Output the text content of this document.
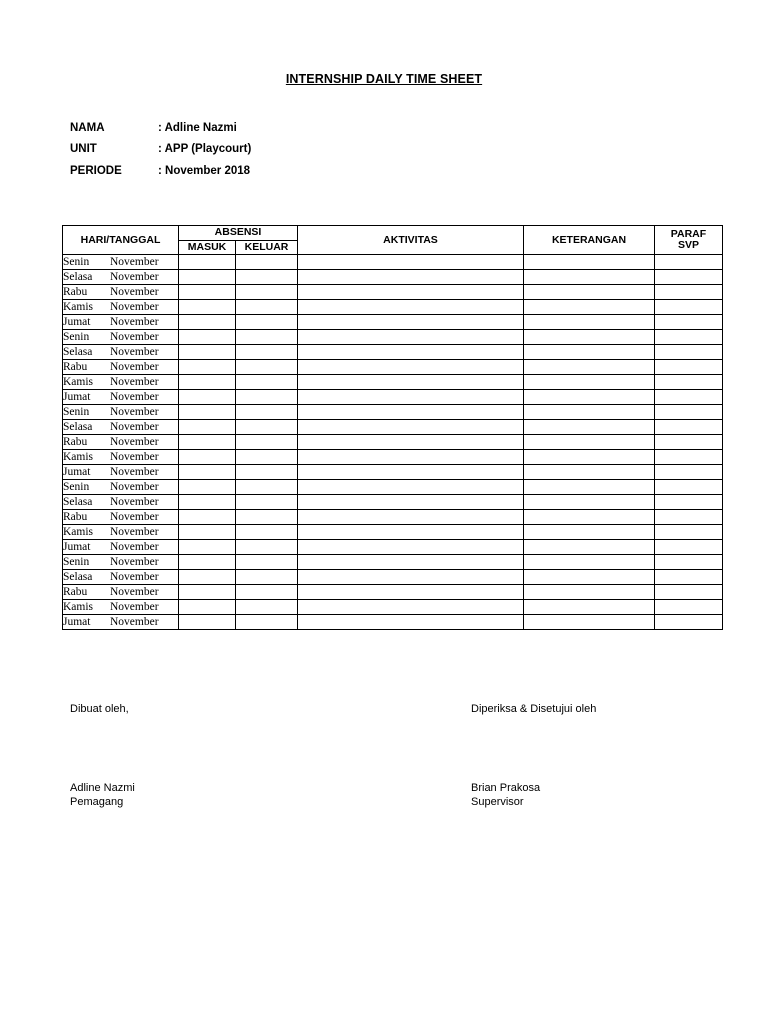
INTERNSHIP DAILY TIME SHEET
NAMA	: Adline Nazmi
UNIT	: APP (Playcourt)
PERIODE	: November 2018
HARI/TANGGAL	ABSENSI		AKTIVITAS	KETERANGAN	PARAF
SVP
	MASUK	KELUAR			
Senin November					
Selasa November					
Rabu November					
Kamis November					
Jumat November					
Senin November					
Selasa November					
Rabu November					
Kamis November					
Jumat November					
Senin November					
Selasa November					
Rabu November					
Kamis November					
Jumat November					
Senin November					
Selasa November					
Rabu November					
Kamis November					
Jumat November					
Senin November					
Selasa November					
Rabu November					
Kamis November					
Jumat November					
Dibuat oleh,	Diperiksa & Disetujui oleh
Adline Nazmi
Pemagang
Brian Prakosa
Supervisor
